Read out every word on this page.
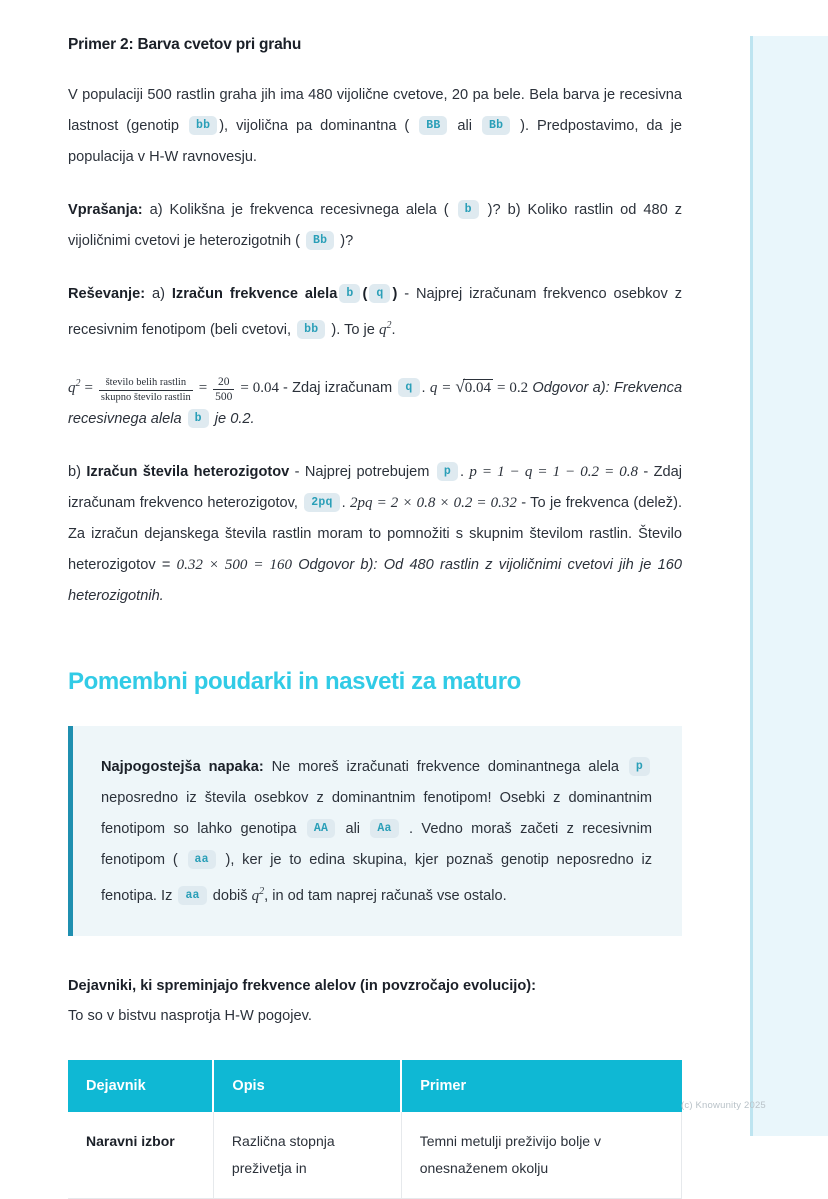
Primer 2: Barva cvetov pri grahu

V populaciji 500 rastlin graha jih ima 480 vijolične cvetove, 20 pa bele. Bela barva je recesivna lastnost (genotip bb ), vijolična pa dominantna ( BB ali Bb ). Predpostavimo, da je populacija v H-W ravnovesju.

Vprašanja: a) Kolikšna je frekvenca recesivnega alela ( b )? b) Koliko rastlin od 480 z vijoličnimi cvetovi je heterozigotnih ( Bb )?

Reševanje: a) Izračun frekvence alela b ( q ) - Najprej izračunam frekvenco osebkov z recesivnim fenotipom (beli cvetovi, bb ). To je $q^2$.

$q^2 = \frac{\text{število belih rastlin}}{\text{skupno število rastlin}} = \frac{20}{500} = 0.04$ - Zdaj izračunam q . q = √0.04 = 0.2 Odgovor a): Frekvenca recesivnega alela b je 0.2.

b) Izračun števila heterozigotov - Najprej potrebujem p . p = 1 − q = 1 − 0.2 = 0.8 - Zdaj izračunam frekvenco heterozigotov, 2pq . 2pq = 2 × 0.8 × 0.2 = 0.32 - To je frekvenca (delež). Za izračun dejanskega števila rastlin moram to pomnožiti s skupnim številom rastlin. Število heterozigotov = 0.32 × 500 = 160 Odgovor b): Od 480 rastlin z vijoličnimi cvetovi jih je 160 heterozigotnih.

Pomembni poudarki in nasveti za maturo

Najpogostejša napaka: Ne moreš izračunati frekvence dominantnega alela p neposredno iz števila osebkov z dominantnim fenotipom! Osebki z dominantnim fenotipom so lahko genotipa AA ali Aa . Vedno moraš začeti z recesivnim fenotipom ( aa ), ker je to edina skupina, kjer poznaš genotip neposredno iz fenotipa. Iz aa dobiš $q^2$, in od tam naprej računaš vse ostalo.

Dejavniki, ki spreminjajo frekvence alelov (in povzročajo evolucijo):

To so v bistvu nasprotja H-W pogojev.

Dejavnik	Opis	Primer
Naravni izbor	Različna stopnja preživetja in	Temni metulji preživijo bolje v onesnaženem okolju
(c) Knowunity 2025
